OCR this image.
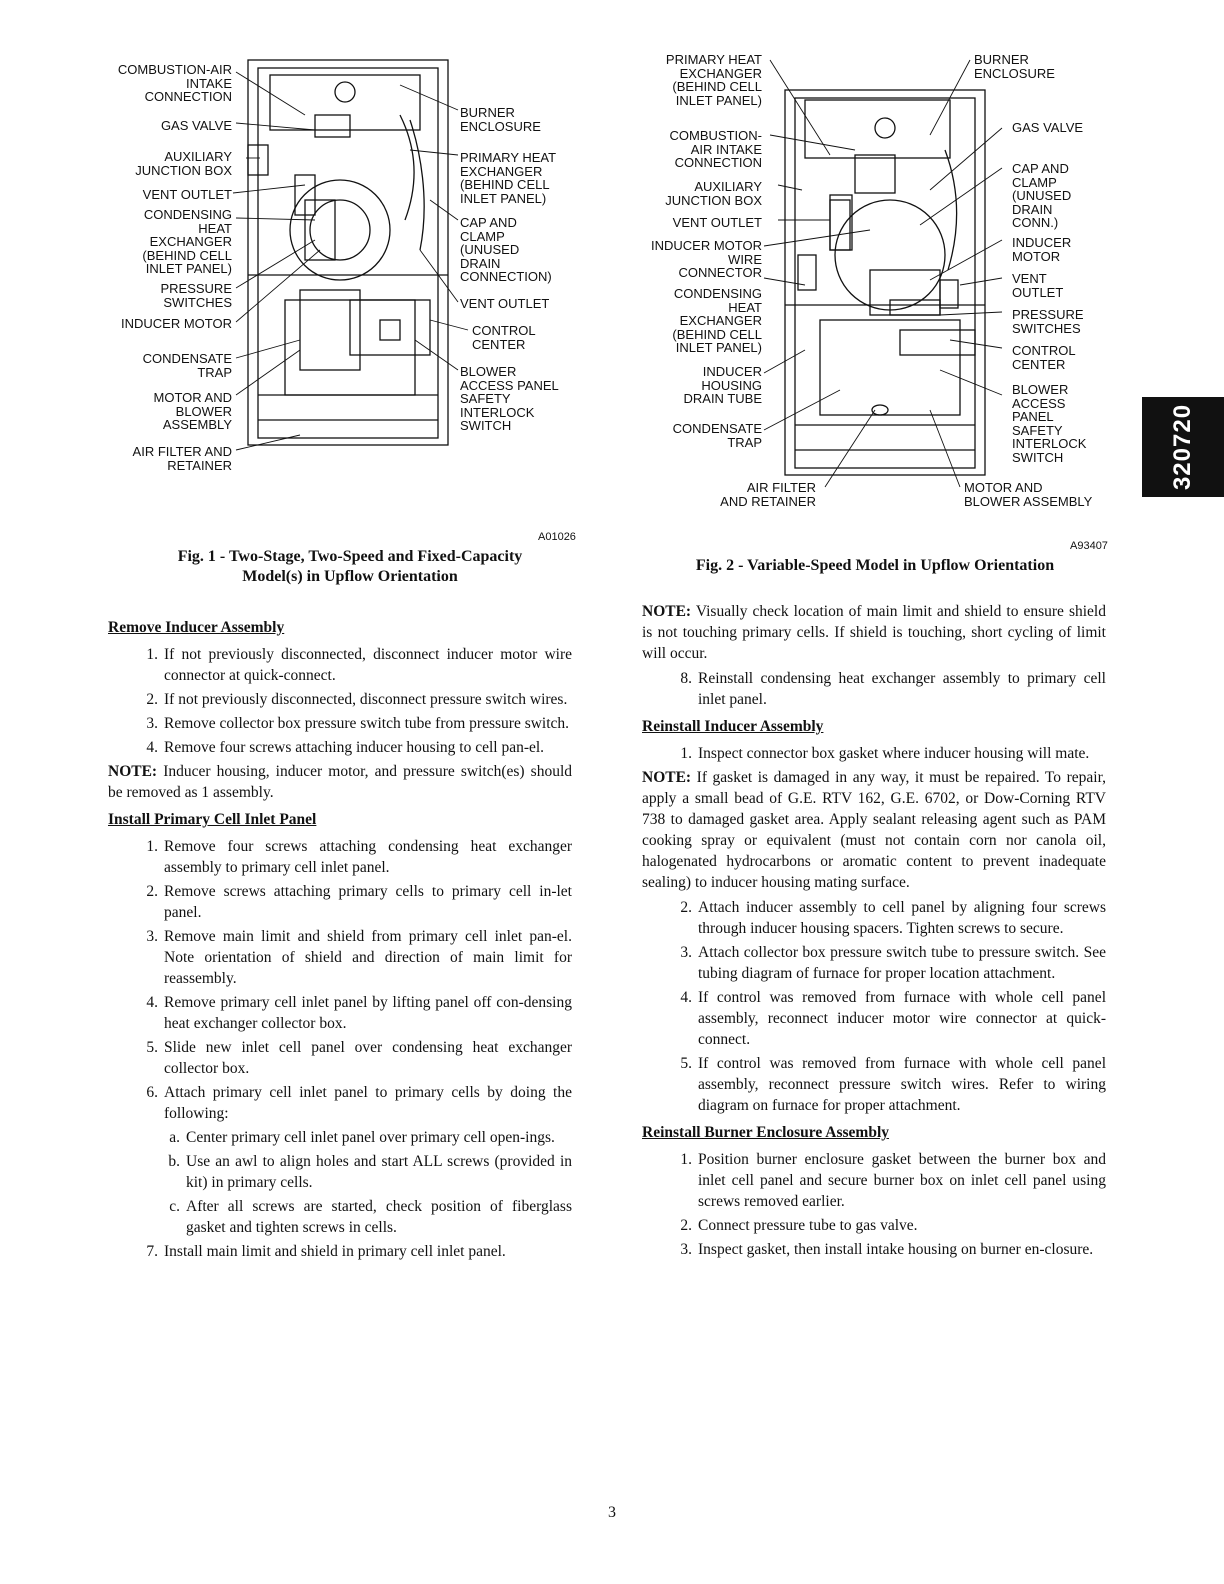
COMBUSTION-AIR
INTAKE
CONNECTION
GAS VALVE
AUXILIARY
JUNCTION BOX
VENT OUTLET
CONDENSING
HEAT
EXCHANGER
(BEHIND CELL
INLET PANEL)
PRESSURE
SWITCHES
INDUCER MOTOR
CONDENSATE
TRAP
MOTOR AND
BLOWER
ASSEMBLY
AIR FILTER AND
RETAINER
BURNER
ENCLOSURE
PRIMARY HEAT
EXCHANGER
(BEHIND CELL
INLET PANEL)
CAP AND
CLAMP
(UNUSED
DRAIN
CONNECTION)
VENT OUTLET
CONTROL
CENTER
BLOWER
ACCESS PANEL
SAFETY
INTERLOCK
SWITCH
A01026
Fig. 1 - Two-Stage, Two-Speed and Fixed-Capacity
Model(s) in Upflow Orientation
PRIMARY HEAT
EXCHANGER
(BEHIND CELL
INLET PANEL)
COMBUSTION-
AIR INTAKE
CONNECTION
AUXILIARY
JUNCTION BOX
VENT OUTLET
INDUCER MOTOR
WIRE
CONNECTOR
CONDENSING
HEAT
EXCHANGER
(BEHIND CELL
INLET PANEL)
INDUCER
HOUSING
DRAIN TUBE
CONDENSATE
TRAP
AIR FILTER
AND RETAINER
BURNER
ENCLOSURE
GAS VALVE
CAP AND
CLAMP
(UNUSED
DRAIN
CONN.)
INDUCER
MOTOR
VENT
OUTLET
PRESSURE
SWITCHES
CONTROL
CENTER
BLOWER
ACCESS
PANEL
SAFETY
INTERLOCK
SWITCH
MOTOR AND
BLOWER ASSEMBLY
A93407
Fig. 2 - Variable-Speed Model in Upflow Orientation
320720

Remove Inducer Assembly

1. If not previously disconnected, disconnect inducer motor wire connector at quick-connect.
2. If not previously disconnected, disconnect pressure switch wires.
3. Remove collector box pressure switch tube from pressure switch.
4. Remove four screws attaching inducer housing to cell pan-el.

NOTE: Inducer housing, inducer motor, and pressure switch(es) should be removed as 1 assembly.

Install Primary Cell Inlet Panel

1. Remove four screws attaching condensing heat exchanger assembly to primary cell inlet panel.
2. Remove screws attaching primary cells to primary cell in-let panel.
3. Remove main limit and shield from primary cell inlet pan-el. Note orientation of shield and direction of main limit for reassembly.
4. Remove primary cell inlet panel by lifting panel off con-densing heat exchanger collector box.
5. Slide new inlet cell panel over condensing heat exchanger collector box.
6. Attach primary cell inlet panel to primary cells by doing the following:
a. Center primary cell inlet panel over primary cell open-ings.
b. Use an awl to align holes and start ALL screws (provided in kit) in primary cells.
c. After all screws are started, check position of fiberglass gasket and tighten screws in cells.
7. Install main limit and shield in primary cell inlet panel.

NOTE: Visually check location of main limit and shield to ensure shield is not touching primary cells. If shield is touching, short cycling of limit will occur.

8. Reinstall condensing heat exchanger assembly to primary cell inlet panel.

Reinstall Inducer Assembly

1. Inspect connector box gasket where inducer housing will mate.

NOTE: If gasket is damaged in any way, it must be repaired. To repair, apply a small bead of G.E. RTV 162, G.E. 6702, or Dow-Corning RTV 738 to damaged gasket area. Apply sealant releasing agent such as PAM cooking spray or equivalent (must not contain corn nor canola oil, halogenated hydrocarbons or aromatic content to prevent inadequate sealing) to inducer housing mating surface.

2. Attach inducer assembly to cell panel by aligning four screws through inducer housing spacers. Tighten screws to secure.
3. Attach collector box pressure switch tube to pressure switch. See tubing diagram of furnace for proper location attachment.
4. If control was removed from furnace with whole cell panel assembly, reconnect inducer motor wire connector at quick-connect.
5. If control was removed from furnace with whole cell panel assembly, reconnect pressure switch wires. Refer to wiring diagram on furnace for proper attachment.

Reinstall Burner Enclosure Assembly

1. Position burner enclosure gasket between the burner box and inlet cell panel and secure burner box on inlet cell panel using screws removed earlier.
2. Connect pressure tube to gas valve.
3. Inspect gasket, then install intake housing on burner en-closure.
3
